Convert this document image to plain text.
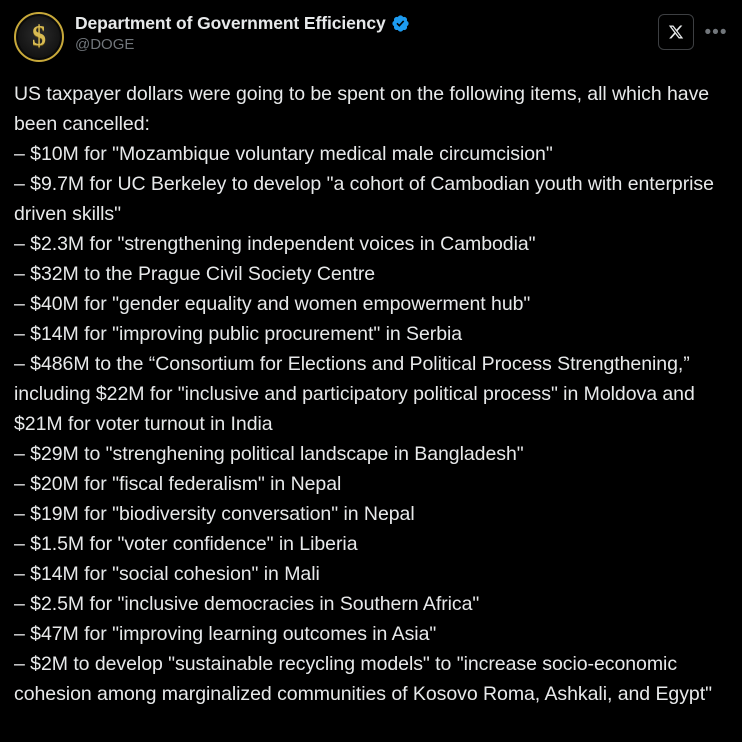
$ Department of Government Efficiency
@DOGE
•••
US taxpayer dollars were going to be spent on the following items, all which have been cancelled:
– $10M for "Mozambique voluntary medical male circumcision"
– $9.7M for UC Berkeley to develop "a cohort of Cambodian youth with enterprise driven skills"
– $2.3M for "strengthening independent voices in Cambodia"
– $32M to the Prague Civil Society Centre
– $40M for "gender equality and women empowerment hub"
– $14M for "improving public procurement" in Serbia
– $486M to the “Consortium for Elections and Political Process Strengthening,” including $22M for "inclusive and participatory political process" in Moldova and $21M for voter turnout in India
– $29M to "strenghening political landscape in Bangladesh"
– $20M for "fiscal federalism" in Nepal
– $19M for "biodiversity conversation" in Nepal
– $1.5M for "voter confidence" in Liberia
– $14M for "social cohesion" in Mali
– $2.5M for "inclusive democracies in Southern Africa"
– $47M for "improving learning outcomes in Asia"
– $2M to develop "sustainable recycling models" to "increase socio-economic cohesion among marginalized communities of Kosovo Roma, Ashkali, and Egypt"
